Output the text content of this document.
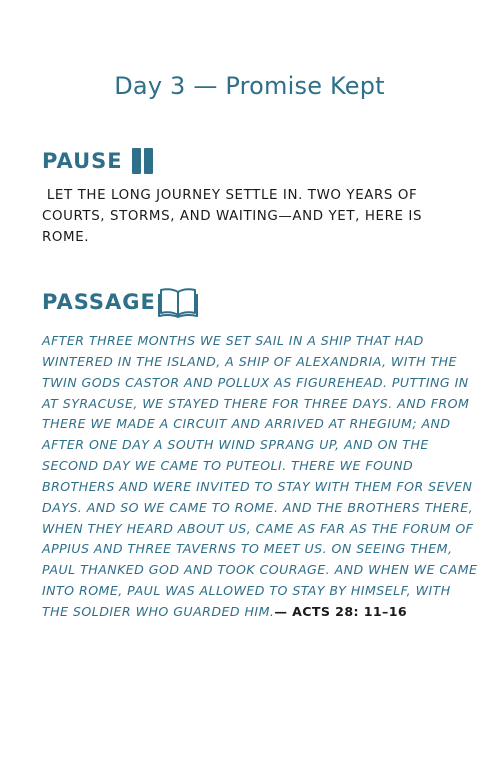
Day 3 — Promise Kept
PAUSE
LET THE LONG JOURNEY SETTLE IN. TWO YEARS OF COURTS, STORMS, AND WAITING—AND YET, HERE IS ROME.
PASSAGE
AFTER THREE MONTHS WE SET SAIL IN A SHIP THAT HAD WINTERED IN THE ISLAND, A SHIP OF ALEXANDRIA, WITH THE TWIN GODS CASTOR AND POLLUX AS FIGUREHEAD. PUTTING IN AT SYRACUSE, WE STAYED THERE FOR THREE DAYS. AND FROM THERE WE MADE A CIRCUIT AND ARRIVED AT RHEGIUM; AND AFTER ONE DAY A SOUTH WIND SPRANG UP, AND ON THE SECOND DAY WE CAME TO PUTEOLI. THERE WE FOUND BROTHERS AND WERE INVITED TO STAY WITH THEM FOR SEVEN DAYS. AND SO WE CAME TO ROME. AND THE BROTHERS THERE, WHEN THEY HEARD ABOUT US, CAME AS FAR AS THE FORUM OF APPIUS AND THREE TAVERNS TO MEET US. ON SEEING THEM, PAUL THANKED GOD AND TOOK COURAGE. AND WHEN WE CAME INTO ROME, PAUL WAS ALLOWED TO STAY BY HIMSELF, WITH THE SOLDIER WHO GUARDED HIM.— ACTS 28: 11–16
